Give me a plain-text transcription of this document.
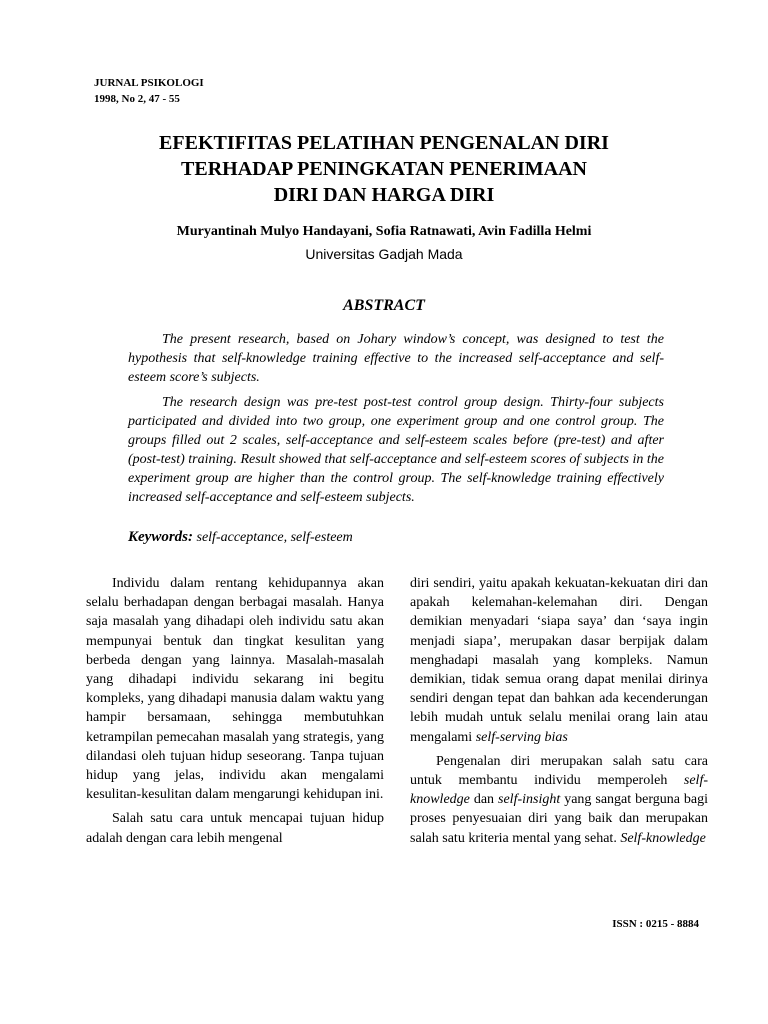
JURNAL PSIKOLOGI
1998, No 2, 47 - 55
EFEKTIFITAS PELATIHAN PENGENALAN DIRI
TERHADAP PENINGKATAN PENERIMAAN
DIRI DAN HARGA DIRI
Muryantinah Mulyo Handayani, Sofia Ratnawati, Avin Fadilla Helmi
Universitas Gadjah Mada
ABSTRACT

The present research, based on Johary window’s concept, was designed to test the hypothesis that self-knowledge training effective to the increased self-acceptance and self-esteem score’s subjects.

The research design was pre-test post-test control group design. Thirty-four subjects participated and divided into two group, one experiment group and one control group. The groups filled out 2 scales, self-acceptance and self-esteem scales before (pre-test) and after (post-test) training. Result showed that self-acceptance and self-esteem scores of subjects in the experiment group are higher than the control group. The self-knowledge training effectively increased self-acceptance and self-esteem subjects.

Keywords: self-acceptance, self-esteem

Individu dalam rentang kehidupannya akan selalu berhadapan dengan berbagai masalah. Hanya saja masalah yang dihadapi oleh individu satu akan mempunyai bentuk dan tingkat kesulitan yang berbeda dengan yang lainnya. Masalah-masalah yang dihadapi individu sekarang ini begitu kompleks, yang dihadapi manusia dalam waktu yang hampir bersamaan, sehingga membutuhkan ketrampilan pemecahan masalah yang strategis, yang dilandasi oleh tujuan hidup seseorang. Tanpa tujuan hidup yang jelas, individu akan mengalami kesulitan-kesulitan dalam mengarungi kehidupan ini.

Salah satu cara untuk mencapai tujuan hidup adalah dengan cara lebih mengenal

diri sendiri, yaitu apakah kekuatan-kekuatan diri dan apakah kelemahan-kelemahan diri. Dengan demikian menyadari ‘siapa saya’ dan ‘saya ingin menjadi siapa’, merupakan dasar berpijak dalam menghadapi masalah yang kompleks. Namun demikian, tidak semua orang dapat menilai dirinya sendiri dengan tepat dan bahkan ada kecenderungan lebih mudah untuk selalu menilai orang lain atau mengalami self-serving bias

Pengenalan diri merupakan salah satu cara untuk membantu individu memperoleh self-knowledge dan self-insight yang sangat berguna bagi proses penyesuaian diri yang baik dan merupakan salah satu kriteria mental yang sehat. Self-knowledge

ISSN : 0215 - 8884
